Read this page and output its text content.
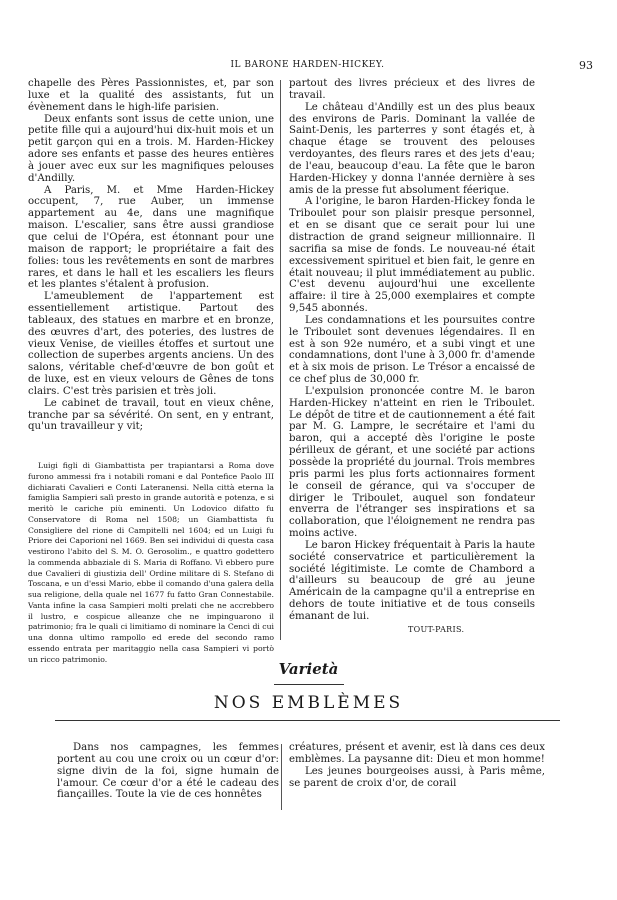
IL BARONE HARDEN-HICKEY.	93

chapelle des Pères Passionnistes, et, par son luxe et la qualité des assistants, fut un évènement dans le high-life parisien.

Deux enfants sont issus de cette union, une petite fille qui a aujourd'hui dix-huit mois et un petit garçon qui en a trois. M. Harden-Hickey adore ses enfants et passe des heures entières à jouer avec eux sur les magnifiques pelouses d'Andilly.

A Paris, M. et Mme Harden-Hickey occupent, 7, rue Auber, un immense appartement au 4e, dans une magnifique maison. L'escalier, sans être aussi grandiose que celui de l'Opéra, est étonnant pour une maison de rapport; le propriétaire a fait des folies: tous les revêtements en sont de marbres rares, et dans le hall et les escaliers les fleurs et les plantes s'étalent à profusion.

L'ameublement de l'appartement est essentiellement artistique. Partout des tableaux, des statues en marbre et en bronze, des œuvres d'art, des poteries, des lustres de vieux Venise, de vieilles étoffes et surtout une collection de superbes argents anciens. Un des salons, véritable chef-d'œuvre de bon goût et de luxe, est en vieux velours de Gênes de tons clairs. C'est très parisien et très joli.

Le cabinet de travail, tout en vieux chêne, tranche par sa sévérité. On sent, en y entrant, qu'un travailleur y vit;

Luigi figli di Giambattista per trapiantarsi a Roma dove furono ammessi fra i notabili romani e dal Pontefice Paolo III dichiarati Cavalieri e Conti Lateranensi. Nella città eterna la famiglia Sampieri salì presto in grande autorità e potenza, e si meritò le cariche più eminenti. Un Lodovico difatto fu Conservatore di Roma nel 1508; un Giambattista fu Consigliere del rione di Campitelli nel 1604; ed un Luigi fu Priore dei Caporioni nel 1669. Ben sei individui di questa casa vestirono l'abito del S. M. O. Gerosolim., e quattro godettero la commenda abbaziale di S. Maria di Roffano. Vi ebbero pure due Cavalieri di giustizia dell' Ordine militare di S. Stefano di Toscana, e un d'essi Mario, ebbe il comando d'una galera della sua religione, della quale nel 1677 fu fatto Gran Connestabile. Vanta infine la casa Sampieri molti prelati che ne accrebbero il lustro, e cospicue alleanze che ne impinguarono il patrimonio; fra le quali ci limitiamo di nominare la Cenci di cui una donna ultimo rampollo ed erede del secondo ramo essendo entrata per maritaggio nella casa Sampieri vi portò un ricco patrimonio.

partout des livres précieux et des livres de travail.

Le château d'Andilly est un des plus beaux des environs de Paris. Dominant la vallée de Saint-Denis, les parterres y sont étagés et, à chaque étage se trouvent des pelouses verdoyantes, des fleurs rares et des jets d'eau; de l'eau, beaucoup d'eau. La fête que le baron Harden-Hickey y donna l'année dernière à ses amis de la presse fut absolument féerique.

A l'origine, le baron Harden-Hickey fonda le Triboulet pour son plaisir presque personnel, et en se disant que ce serait pour lui une distraction de grand seigneur millionnaire. Il sacrifia sa mise de fonds. Le nouveau-né était excessivement spirituel et bien fait, le genre en était nouveau; il plut immédiatement au public. C'est devenu aujourd'hui une excellente affaire: il tire à 25,000 exemplaires et compte 9,545 abonnés.

Les condamnations et les poursuites contre le Triboulet sont devenues légendaires. Il en est à son 92e numéro, et a subi vingt et une condamnations, dont l'une à 3,000 fr. d'amende et à six mois de prison. Le Trésor a encaissé de ce chef plus de 30,000 fr.

L'expulsion prononcée contre M. le baron Harden-Hickey n'atteint en rien le Triboulet. Le dépôt de titre et de cautionnement a été fait par M. G. Lampre, le secrétaire et l'ami du baron, qui a accepté dès l'origine le poste périlleux de gérant, et une société par actions possède la propriété du journal. Trois membres pris parmi les plus forts actionnaires forment le conseil de gérance, qui va s'occuper de diriger le Triboulet, auquel son fondateur enverra de l'étranger ses inspirations et sa collaboration, que l'éloignement ne rendra pas moins active.

Le baron Hickey fréquentait à Paris la haute société conservatrice et particulièrement la société légitimiste. Le comte de Chambord a d'ailleurs su beaucoup de gré au jeune Américain de la campagne qu'il a entreprise en dehors de toute initiative et de tous conseils émanant de lui.

TOUT-PARIS.
Varietà
NOS EMBLÈMES

Dans nos campagnes, les femmes portent au cou une croix ou un cœur d'or: signe divin de la foi, signe humain de l'amour. Ce cœur d'or a été le cadeau des fiançailles. Toute la vie de ces honnêtes

créatures, présent et avenir, est là dans ces deux emblèmes. La paysanne dit: Dieu et mon homme!

Les jeunes bourgeoises aussi, à Paris même, se parent de croix d'or, de corail
